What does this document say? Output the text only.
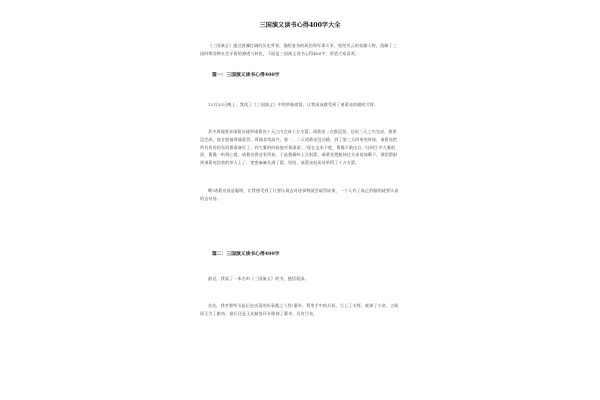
三国演义读书心得400字大全

《三国演义》通过波澜壮阔的历史背景，描绘复杂的政治和军事斗争，叱咤风云的英雄人物，剖释了三国时期各种社会矛盾的渗透与转化，下面是三国演义读书心得400字，希望大家喜欢。

篇一：三国演义读书心得400字

12月25日晚上，我读了《三国演义》中的草船借箭，让我深深感受到了诸葛亮的聪明才智。

其中周瑜要求诸葛亮就叫诸葛亮十天之内完成十万支箭，诸葛亮一点都没怕，还说三天之内完成，如果没完成，他甘愿被周瑜重罚。周瑜非常高兴，第一、二天诸葛亮没动静，到了第三天四更的时候，诸葛亮把所有伪装的东西都准备好了，到大雾的时候他对鲁肃说：“现在去来不吧，曹操不敢出兵。”这时江中大雾很浓，曹操一听到心慌，诸葛亮将近有所获，于是曹操叫士兵射箭，诸葛亮把船掉过头来再加剩下，那把箭射到诸葛亮伪装的草人上了，密密麻麻扎满了箭，哈哈，诸葛亮轻而易举得了十万支箭。

啊!诸葛亮真是聪明，让我感受到了只要认真去对待事物就会取得成果，一个人有了真正的聪明就要认真的去对待。

篇二：三国演义读书心得400字

最近，我读了一本名叫《三国演义》的书，感悟很深。

首先，我对那些引起历史动荡的好事都之入骨!董卓，利用手中的兵权，当上了太师，废掉了少帝，立陈留王为了献帝，最后还是王允献连环计除掉了董卓，还有吕布，
